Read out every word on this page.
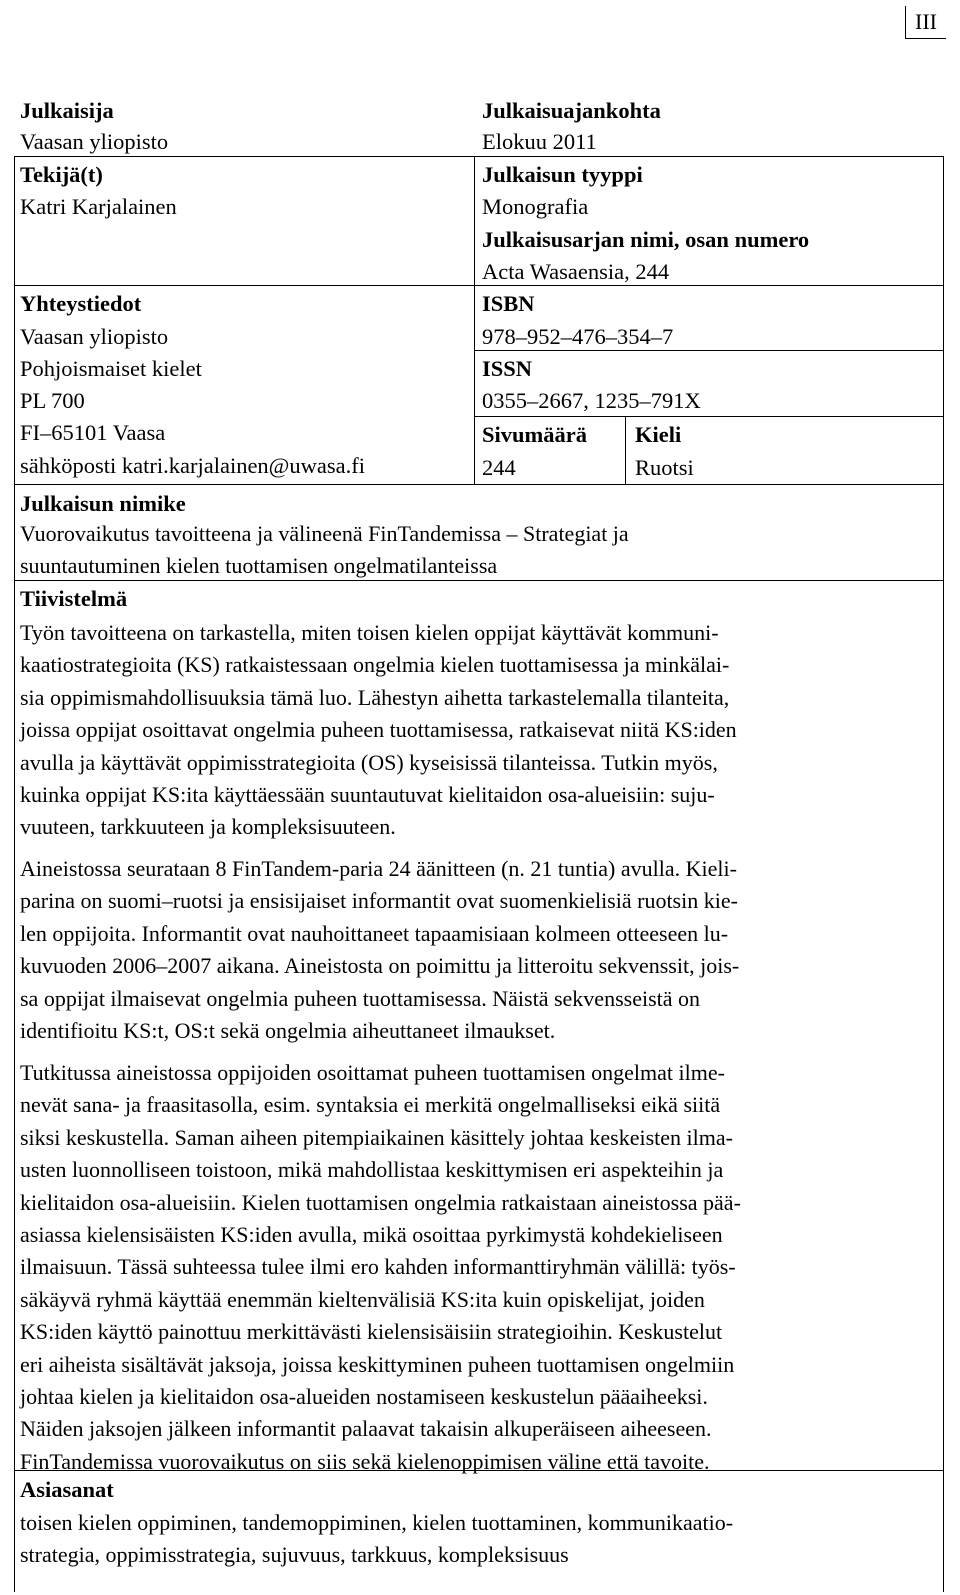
III
Julkaisija
Vaasan yliopisto
Tekijä(t)
Katri Karjalainen
Yhteystiedot
Vaasan yliopisto
Pohjoismaiset kielet
PL 700
FI–65101 Vaasa
sähköposti katri.karjalainen@uwasa.fi
Julkaisuajankohta
Elokuu 2011
Julkaisun tyyppi
Monografia
Julkaisusarjan nimi, osan numero
Acta Wasaensia, 244
ISBN
978–952–476–354–7
ISSN
0355–2667, 1235–791X
Sivumäärä
244
Kieli
Ruotsi
Julkaisun nimike
Vuorovaikutus tavoitteena ja välineenä FinTandemissa – Strategiat ja
suuntautuminen kielen tuottamisen ongelmatilanteissa
Tiivistelmä
Työn tavoitteena on tarkastella, miten toisen kielen oppijat käyttävät kommuni-
kaatiostrategioita (KS) ratkaistessaan ongelmia kielen tuottamisessa ja minkälai-
sia oppimismahdollisuuksia tämä luo. Lähestyn aihetta tarkastelemalla tilanteita,
joissa oppijat osoittavat ongelmia puheen tuottamisessa, ratkaisevat niitä KS:iden
avulla ja käyttävät oppimisstrategioita (OS) kyseisissä tilanteissa. Tutkin myös,
kuinka oppijat KS:ita käyttäessään suuntautuvat kielitaidon osa-alueisiin: suju-
vuuteen, tarkkuuteen ja kompleksisuuteen.
Aineistossa seurataan 8 FinTandem-paria 24 äänitteen (n. 21 tuntia) avulla. Kieli-
parina on suomi–ruotsi ja ensisijaiset informantit ovat suomenkielisiä ruotsin kie-
len oppijoita. Informantit ovat nauhoittaneet tapaamisiaan kolmeen otteeseen lu-
kuvuoden 2006–2007 aikana. Aineistosta on poimittu ja litteroitu sekvenssit, jois-
sa oppijat ilmaisevat ongelmia puheen tuottamisessa. Näistä sekvensseistä on
identifioitu KS:t, OS:t sekä ongelmia aiheuttaneet ilmaukset.
Tutkitussa aineistossa oppijoiden osoittamat puheen tuottamisen ongelmat ilme-
nevät sana- ja fraasitasolla, esim. syntaksia ei merkitä ongelmalliseksi eikä siitä
siksi keskustella. Saman aiheen pitempiaikainen käsittely johtaa keskeisten ilma-
usten luonnolliseen toistoon, mikä mahdollistaa keskittymisen eri aspekteihin ja
kielitaidon osa-alueisiin. Kielen tuottamisen ongelmia ratkaistaan aineistossa pää-
asiassa kielensisäisten KS:iden avulla, mikä osoittaa pyrkimystä kohdekieliseen
ilmaisuun. Tässä suhteessa tulee ilmi ero kahden informanttiryhmän välillä: työs-
säkäyvä ryhmä käyttää enemmän kieltenvälisiä KS:ita kuin opiskelijat, joiden
KS:iden käyttö painottuu merkittävästi kielensisäisiin strategioihin. Keskustelut
eri aiheista sisältävät jaksoja, joissa keskittyminen puheen tuottamisen ongelmiin
johtaa kielen ja kielitaidon osa-alueiden nostamiseen keskustelun pääaiheeksi.
Näiden jaksojen jälkeen informantit palaavat takaisin alkuperäiseen aiheeseen.
FinTandemissa vuorovaikutus on siis sekä kielenoppimisen väline että tavoite.
Asiasanat
toisen kielen oppiminen, tandemoppiminen, kielen tuottaminen, kommunikaatio-
strategia, oppimisstrategia, sujuvuus, tarkkuus, kompleksisuus
